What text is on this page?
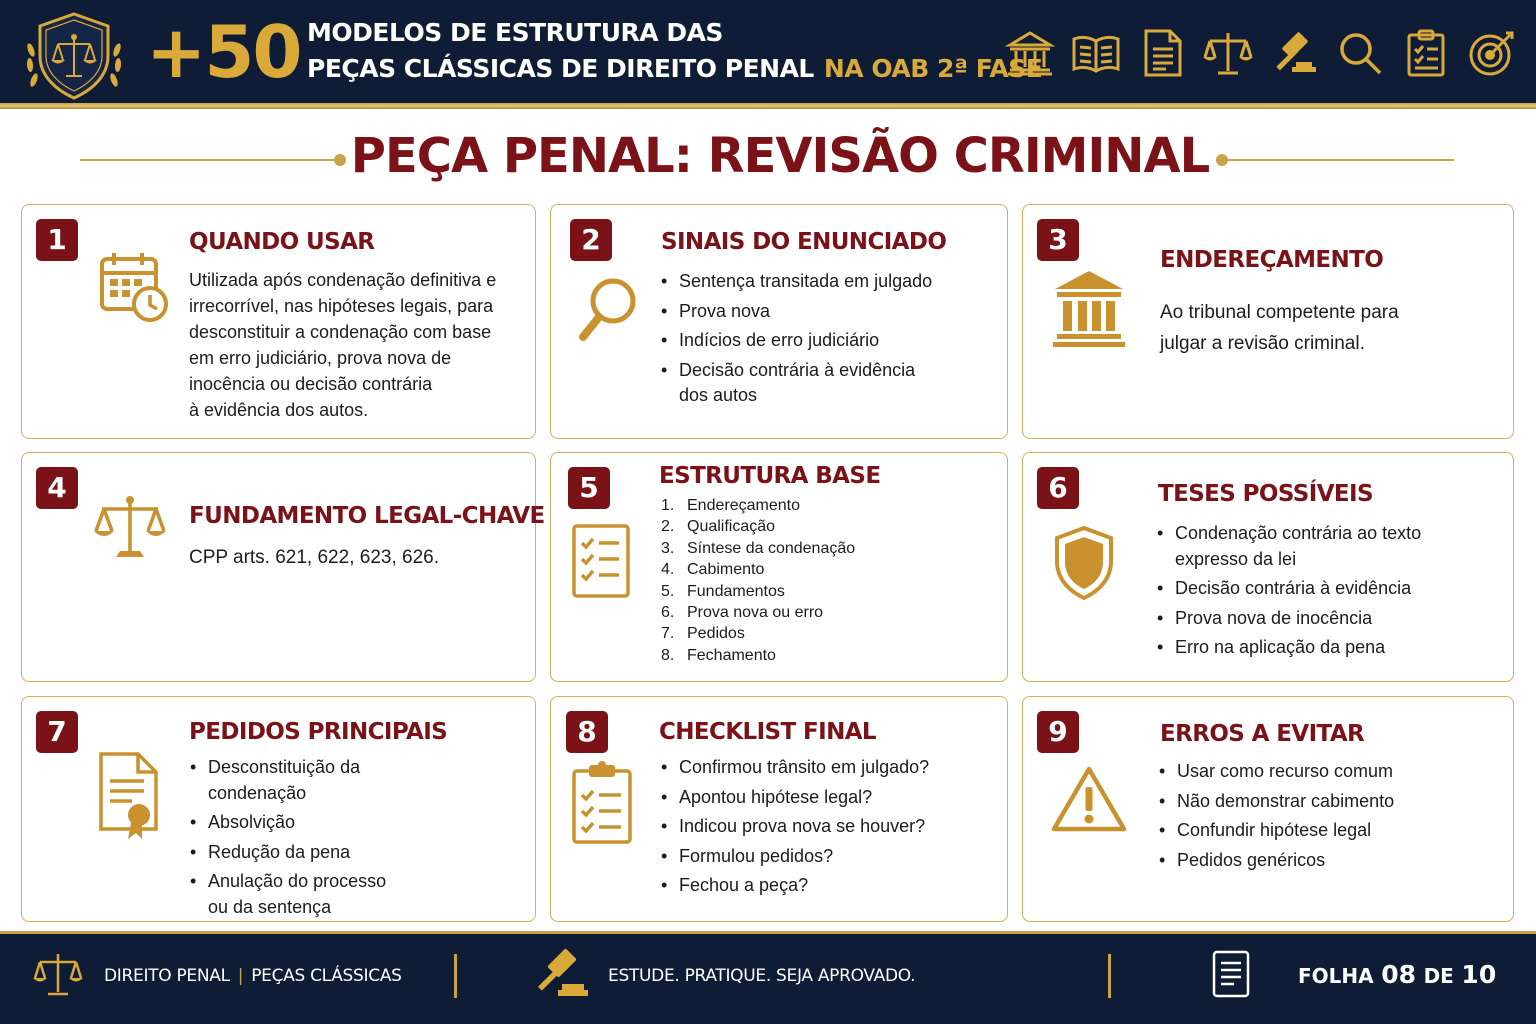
+50 MODELOS DE ESTRUTURA DAS
PEÇAS CLÁSSICAS DE DIREITO PENAL NA OAB 2ª FASE
PEÇA PENAL: REVISÃO CRIMINAL
1	QUANDO USAR
Utilizada após condenação definitiva e
irrecorrível, nas hipóteses legais, para
desconstituir a condenação com base
em erro judiciário, prova nova de
inocência ou decisão contrária
à evidência dos autos.
2	SINAIS DO ENUNCIADO
• Sentença transitada em julgado
• Prova nova
• Indícios de erro judiciário
• Decisão contrária à evidência dos autos
3
ENDEREÇAMENTO
Ao tribunal competente para
julgar a revisão criminal.
4
FUNDAMENTO LEGAL-CHAVE
CPP arts. 621, 622, 623, 626.
5	ESTRUTURA BASE
1. Endereçamento
2. Qualificação
3. Síntese da condenação
4. Cabimento
5. Fundamentos
6. Prova nova ou erro
7. Pedidos
8. Fechamento
6	TESES POSSÍVEIS
• Condenação contrária ao texto expresso da lei
• Decisão contrária à evidência
• Prova nova de inocência
• Erro na aplicação da pena
7	PEDIDOS PRINCIPAIS
• Desconstituição da condenação
• Absolvição
• Redução da pena
• Anulação do processo ou da sentença
8	CHECKLIST FINAL
• Confirmou trânsito em julgado?
• Apontou hipótese legal?
• Indicou prova nova se houver?
• Formulou pedidos?
• Fechou a peça?
9	ERROS A EVITAR
• Usar como recurso comum
• Não demonstrar cabimento
• Confundir hipótese legal
• Pedidos genéricos
DIREITO PENAL | PEÇAS CLÁSSICAS	ESTUDE. PRATIQUE. SEJA APROVADO.	FOLHA 08 DE 10
